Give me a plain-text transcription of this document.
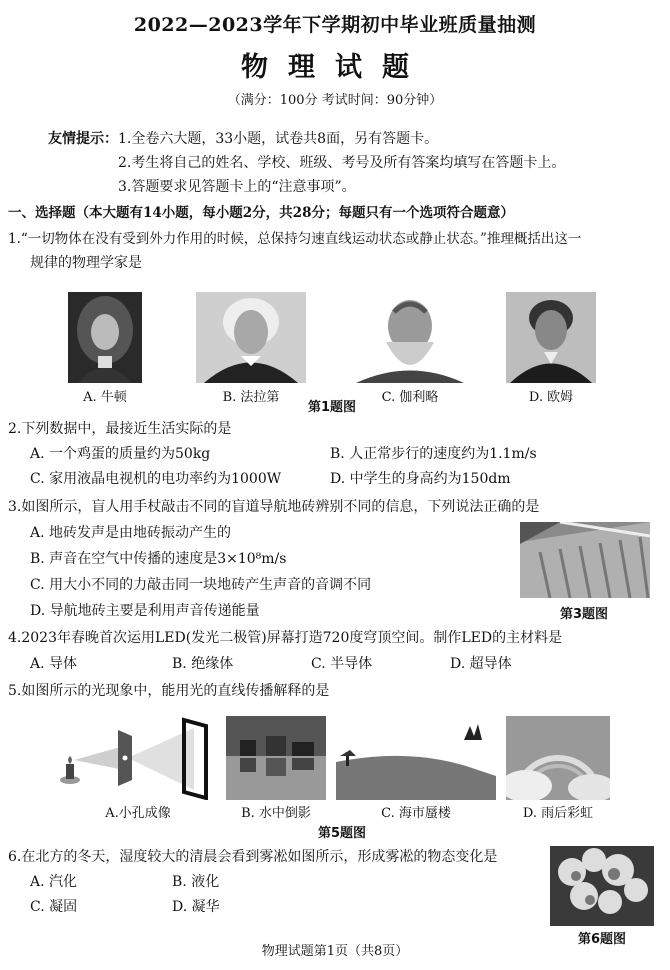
2022—2023学年下学期初中毕业班质量抽测
物理试题
（满分：100分 考试时间：90分钟）
友情提示： 1.全卷六大题，33小题，试卷共8面，另有答题卡。
2.考生将自己的姓名、学校、班级、考号及所有答案均填写在答题卡上。
3.答题要求见答题卡上的“注意事项”。
一、选择题（本大题有14小题，每小题2分，共28分；每题只有一个选项符合题意）
1.“一切物体在没有受到外力作用的时候，总保持匀速直线运动状态或静止状态。”推理概括出这一
规律的物理学家是
A. 牛顿	B. 法拉第
第1题图
C. 伽利略	D. 欧姆
2.下列数据中，最接近生活实际的是
A. 一个鸡蛋的质量约为50kg	B. 人正常步行的速度约为1.1m/s
C. 家用液晶电视机的电功率约为1000W	D. 中学生的身高约为150dm
3.如图所示，盲人用手杖敲击不同的盲道导航地砖辨别不同的信息，下列说法正确的是
A. 地砖发声是由地砖振动产生的
B. 声音在空气中传播的速度是3×10⁸m/s
C. 用大小不同的力敲击同一块地砖产生声音的音调不同
D. 导航地砖主要是利用声音传递能量	第3题图
4.2023年春晚首次运用LED(发光二极管)屏幕打造720度穹顶空间。制作LED的主材料是
A. 导体	B. 绝缘体	C. 半导体	D. 超导体
5.如图所示的光现象中，能用光的直线传播解释的是
A.小孔成像	B. 水中倒影	C. 海市蜃楼	D. 雨后彩虹
第5题图
6.在北方的冬天，湿度较大的清晨会看到雾凇如图所示，形成雾凇的物态变化是
A. 汽化	B. 液化
C. 凝固	D. 凝华
第6题图
物理试题第1页（共8页）
